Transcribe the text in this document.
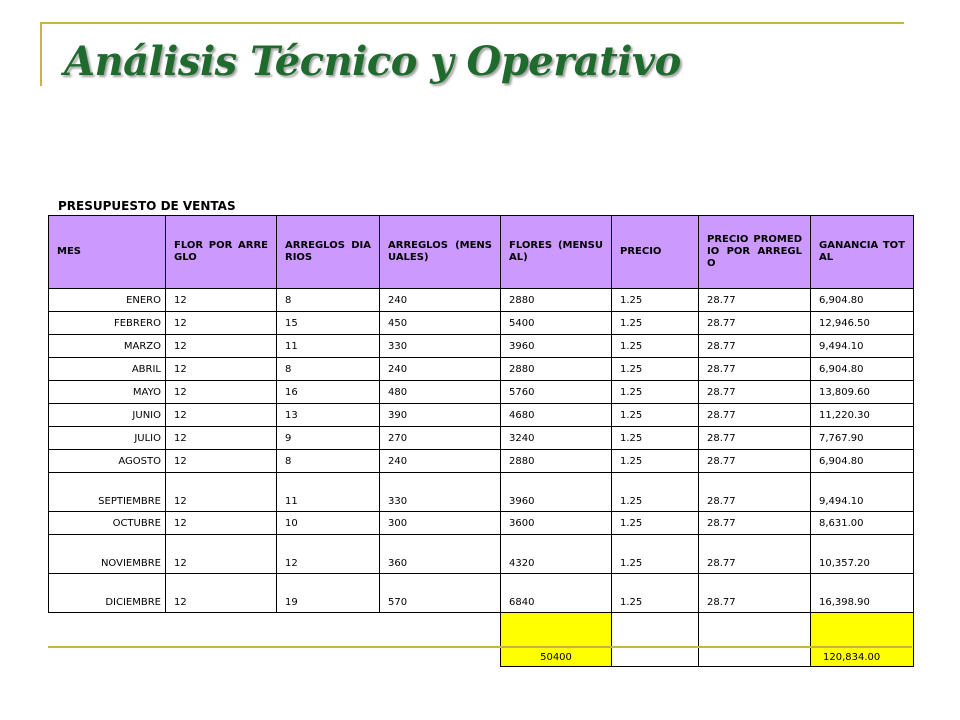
Análisis Técnico y Operativo
PRESUPUESTO DE VENTAS
MES	FLOR POR ARREGLO	ARREGLOS DIARIOS	ARREGLOS (MENSUALES)	FLORES (MENSUAL)	PRECIO	PRECIO PROMEDIO POR ARREGLO	GANANCIA TOTAL
ENERO	12	8	240	2880	1.25	28.77	6,904.80
FEBRERO	12	15	450	5400	1.25	28.77	12,946.50
MARZO	12	11	330	3960	1.25	28.77	9,494.10
ABRIL	12	8	240	2880	1.25	28.77	6,904.80
MAYO	12	16	480	5760	1.25	28.77	13,809.60
JUNIO	12	13	390	4680	1.25	28.77	11,220.30
JULIO	12	9	270	3240	1.25	28.77	7,767.90
AGOSTO	12	8	240	2880	1.25	28.77	6,904.80
SEPTIEMBRE	12	11	330	3960	1.25	28.77	9,494.10
OCTUBRE	12	10	300	3600	1.25	28.77	8,631.00
NOVIEMBRE	12	12	360	4320	1.25	28.77	10,357.20
DICIEMBRE	12	19	570	6840	1.25	28.77	16,398.90
				50400			120,834.00
